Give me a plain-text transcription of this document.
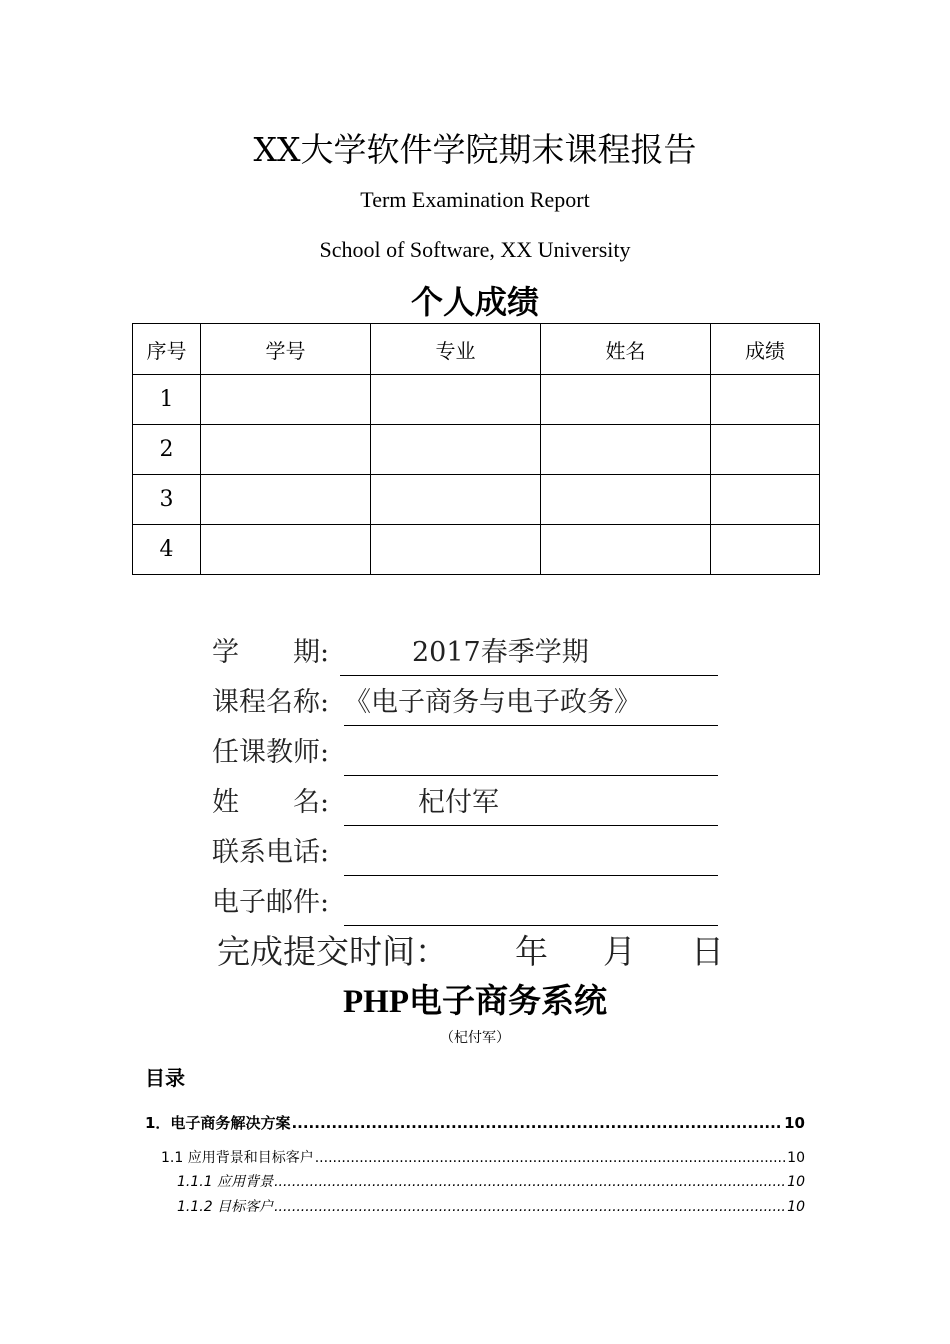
XX大学软件学院期末课程报告
Term Examination Report
School of Software, XX University
个人成绩
序号	学号	专业	姓名	成绩
1				
2				
3				
4				
学　　期:	2017春季学期
课程名称: 《电子商务与电子政务》
任课教师:
姓　　名:	杞付军
联系电话:
电子邮件:
完成提交时间： 年 月 日
PHP电子商务系统
（杞付军）
目录
1．电子商务解决方案 .....	10
1.1 应用背景和目标客户 .....	10
1.1.1 应用背景 .....	10
1.1.2 目标客户 .....	10
